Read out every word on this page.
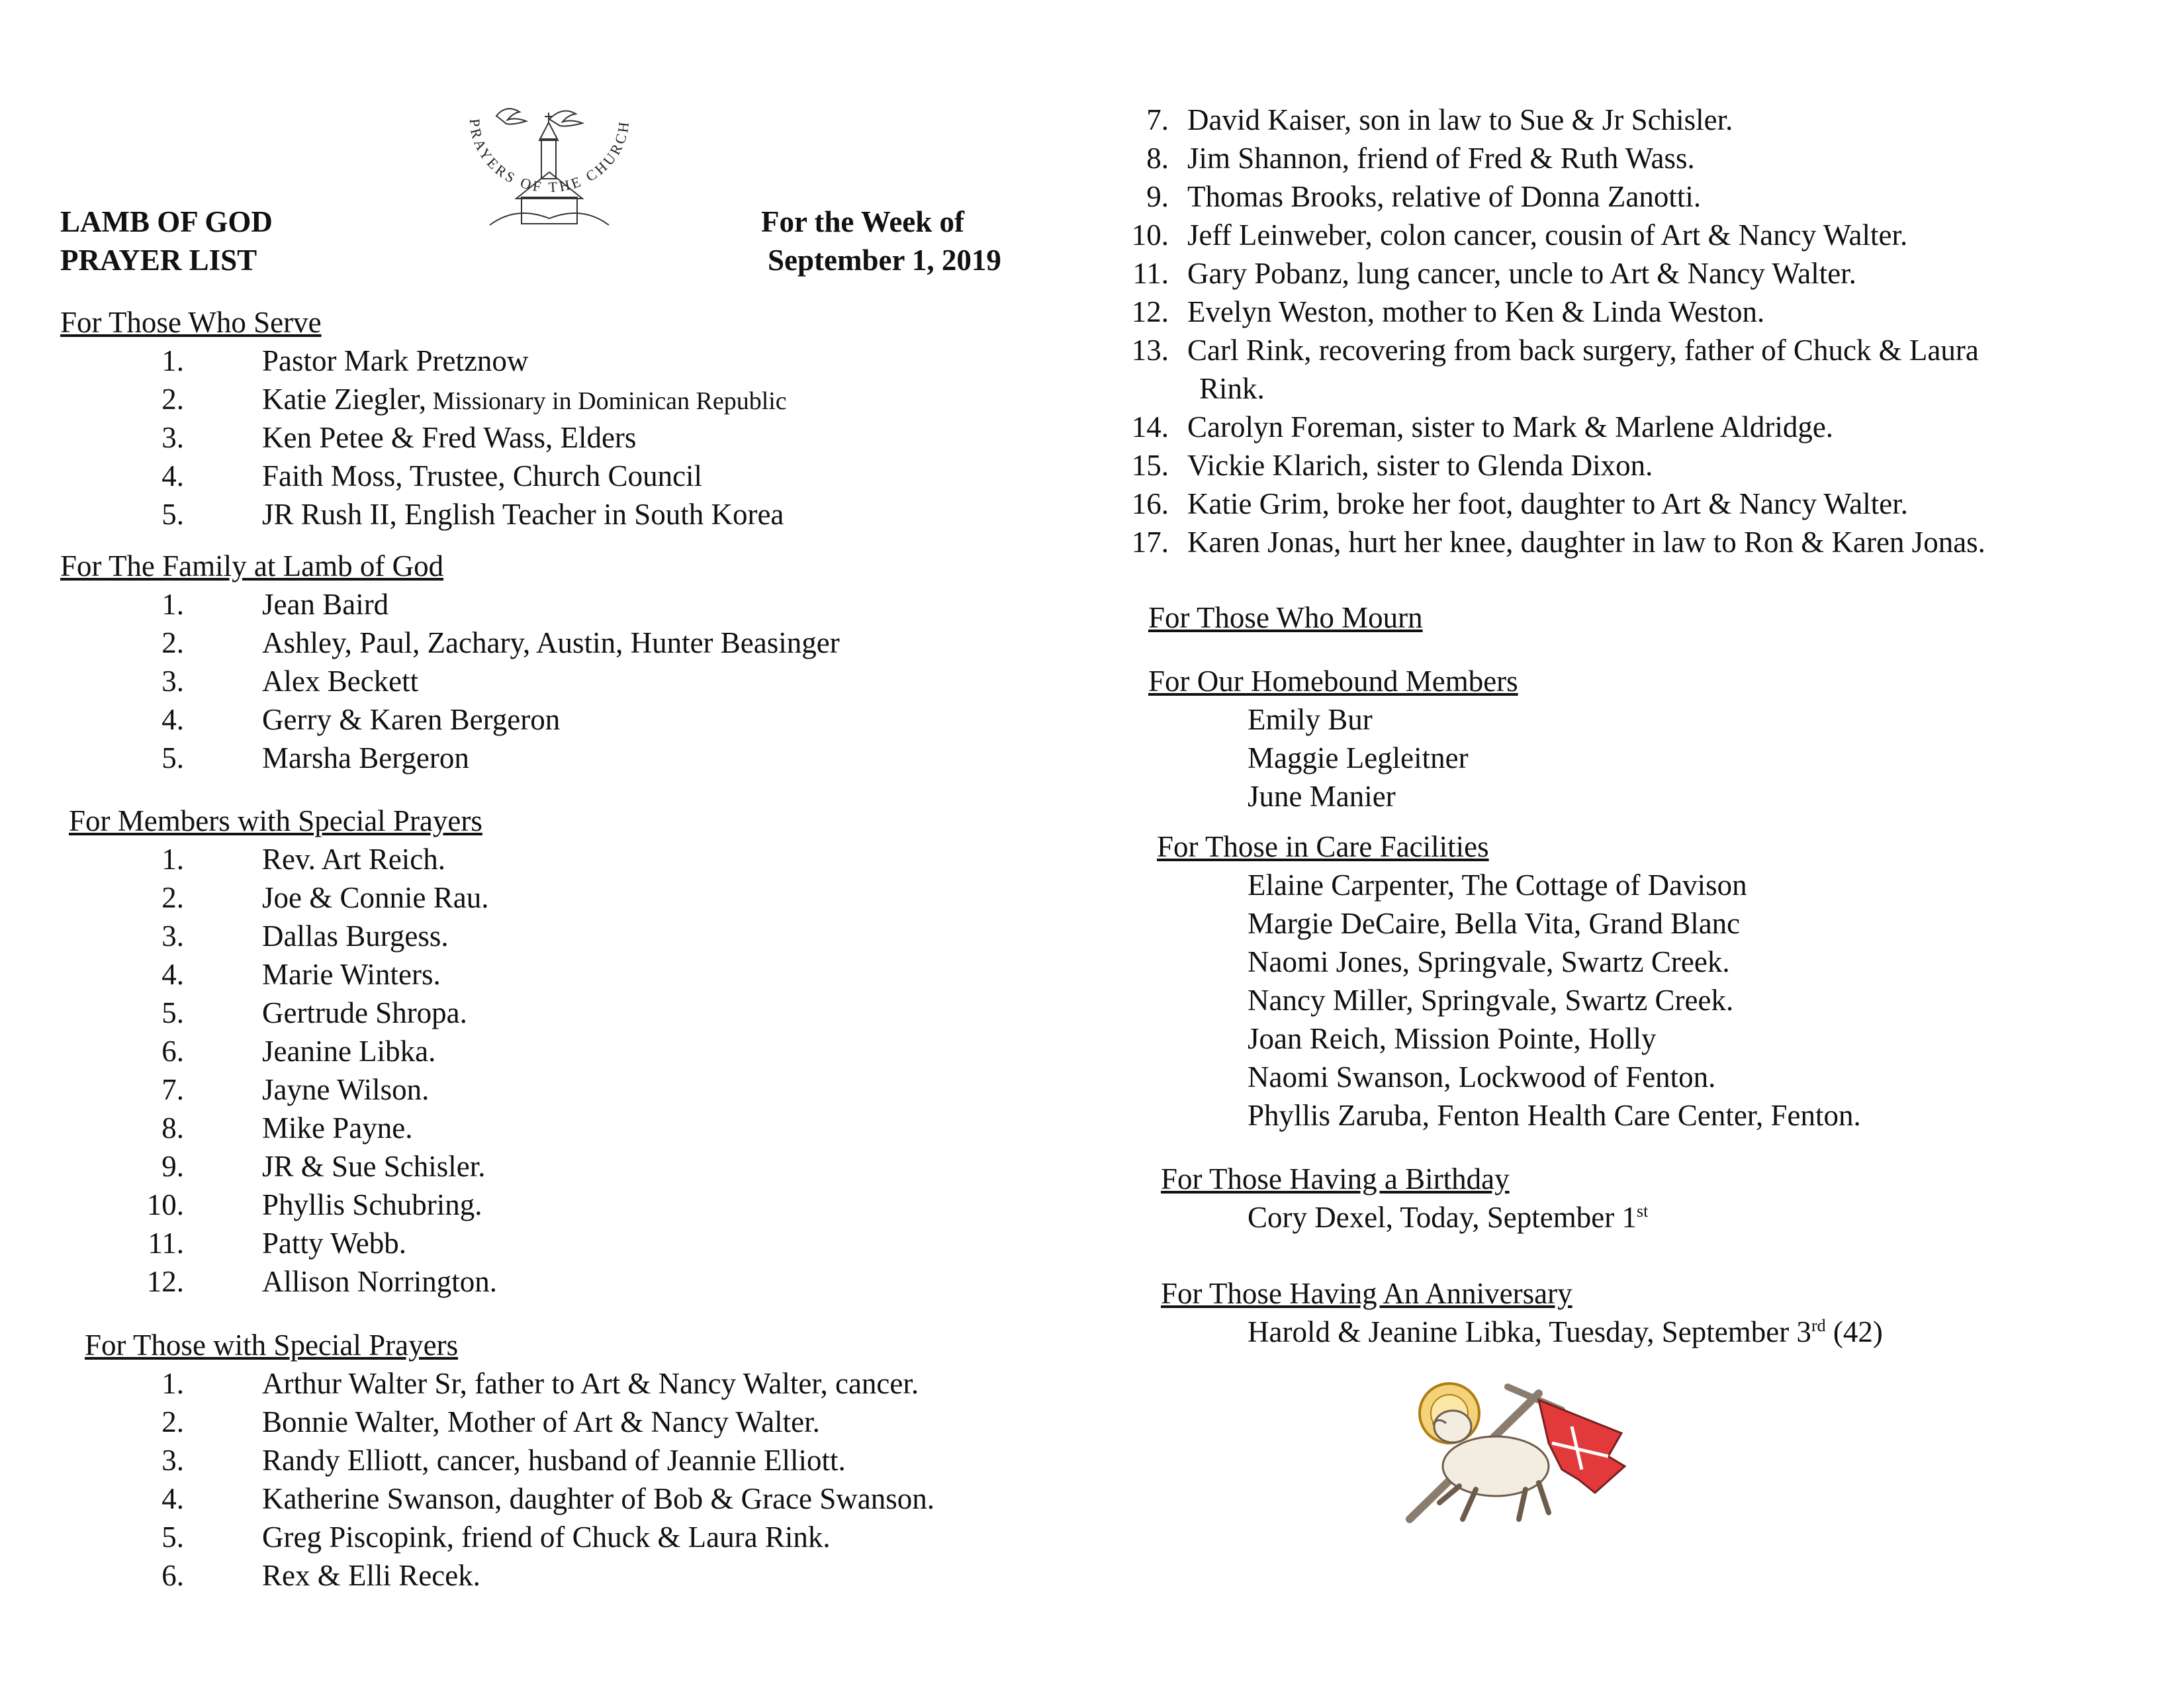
PRAYERS OF THE CHURCH
LAMB OF GOD
PRAYER LIST
For the Week of
September 1, 2019
For Those Who Serve
1.	Pastor Mark Pretznow
2.	Katie Ziegler, Missionary in Dominican Republic
3.	Ken Petee & Fred Wass, Elders
4.	Faith Moss, Trustee, Church Council
5.	JR Rush II, English Teacher in South Korea
For The Family at Lamb of God
1.	Jean Baird
2.	Ashley, Paul, Zachary, Austin, Hunter Beasinger
3.	Alex Beckett
4.	Gerry & Karen Bergeron
5.	Marsha Bergeron
For Members with Special Prayers
1.	Rev. Art Reich.
2.	Joe & Connie Rau.
3.	Dallas Burgess.
4.	Marie Winters.
5.	Gertrude Shropa.
6.	Jeanine Libka.
7.	Jayne Wilson.
8.	Mike Payne.
9.	JR & Sue Schisler.
10.	Phyllis Schubring.
11.	Patty Webb.
12.	Allison Norrington.
For Those with Special Prayers
1.	Arthur Walter Sr, father to Art & Nancy Walter, cancer.
2.	Bonnie Walter, Mother of Art & Nancy Walter.
3.	Randy Elliott, cancer, husband of Jeannie Elliott.
4.	Katherine Swanson, daughter of Bob & Grace Swanson.
5.	Greg Piscopink, friend of Chuck & Laura Rink.
6.	Rex & Elli Recek.
7. David Kaiser, son in law to Sue & Jr Schisler.
8. Jim Shannon, friend of Fred & Ruth Wass.
9. Thomas Brooks, relative of Donna Zanotti.
10. Jeff Leinweber, colon cancer, cousin of Art & Nancy Walter.
11. Gary Pobanz, lung cancer, uncle to Art & Nancy Walter.
12. Evelyn Weston, mother to Ken & Linda Weston.
13. Carl Rink, recovering from back surgery, father of Chuck & Laura
Rink.
14. Carolyn Foreman, sister to Mark & Marlene Aldridge.
15. Vickie Klarich, sister to Glenda Dixon.
16. Katie Grim, broke her foot, daughter to Art & Nancy Walter.
17. Karen Jonas, hurt her knee, daughter in law to Ron & Karen Jonas.
For Those Who Mourn
For Our Homebound Members
Emily Bur
Maggie Legleitner
June Manier
For Those in Care Facilities
Elaine Carpenter, The Cottage of Davison
Margie DeCaire, Bella Vita, Grand Blanc
Naomi Jones, Springvale, Swartz Creek.
Nancy Miller, Springvale, Swartz Creek.
Joan Reich, Mission Pointe, Holly
Naomi Swanson, Lockwood of Fenton.
Phyllis Zaruba, Fenton Health Care Center, Fenton.
For Those Having a Birthday
Cory Dexel, Today, September 1st
For Those Having An Anniversary
Harold & Jeanine Libka, Tuesday, September 3rd (42)
